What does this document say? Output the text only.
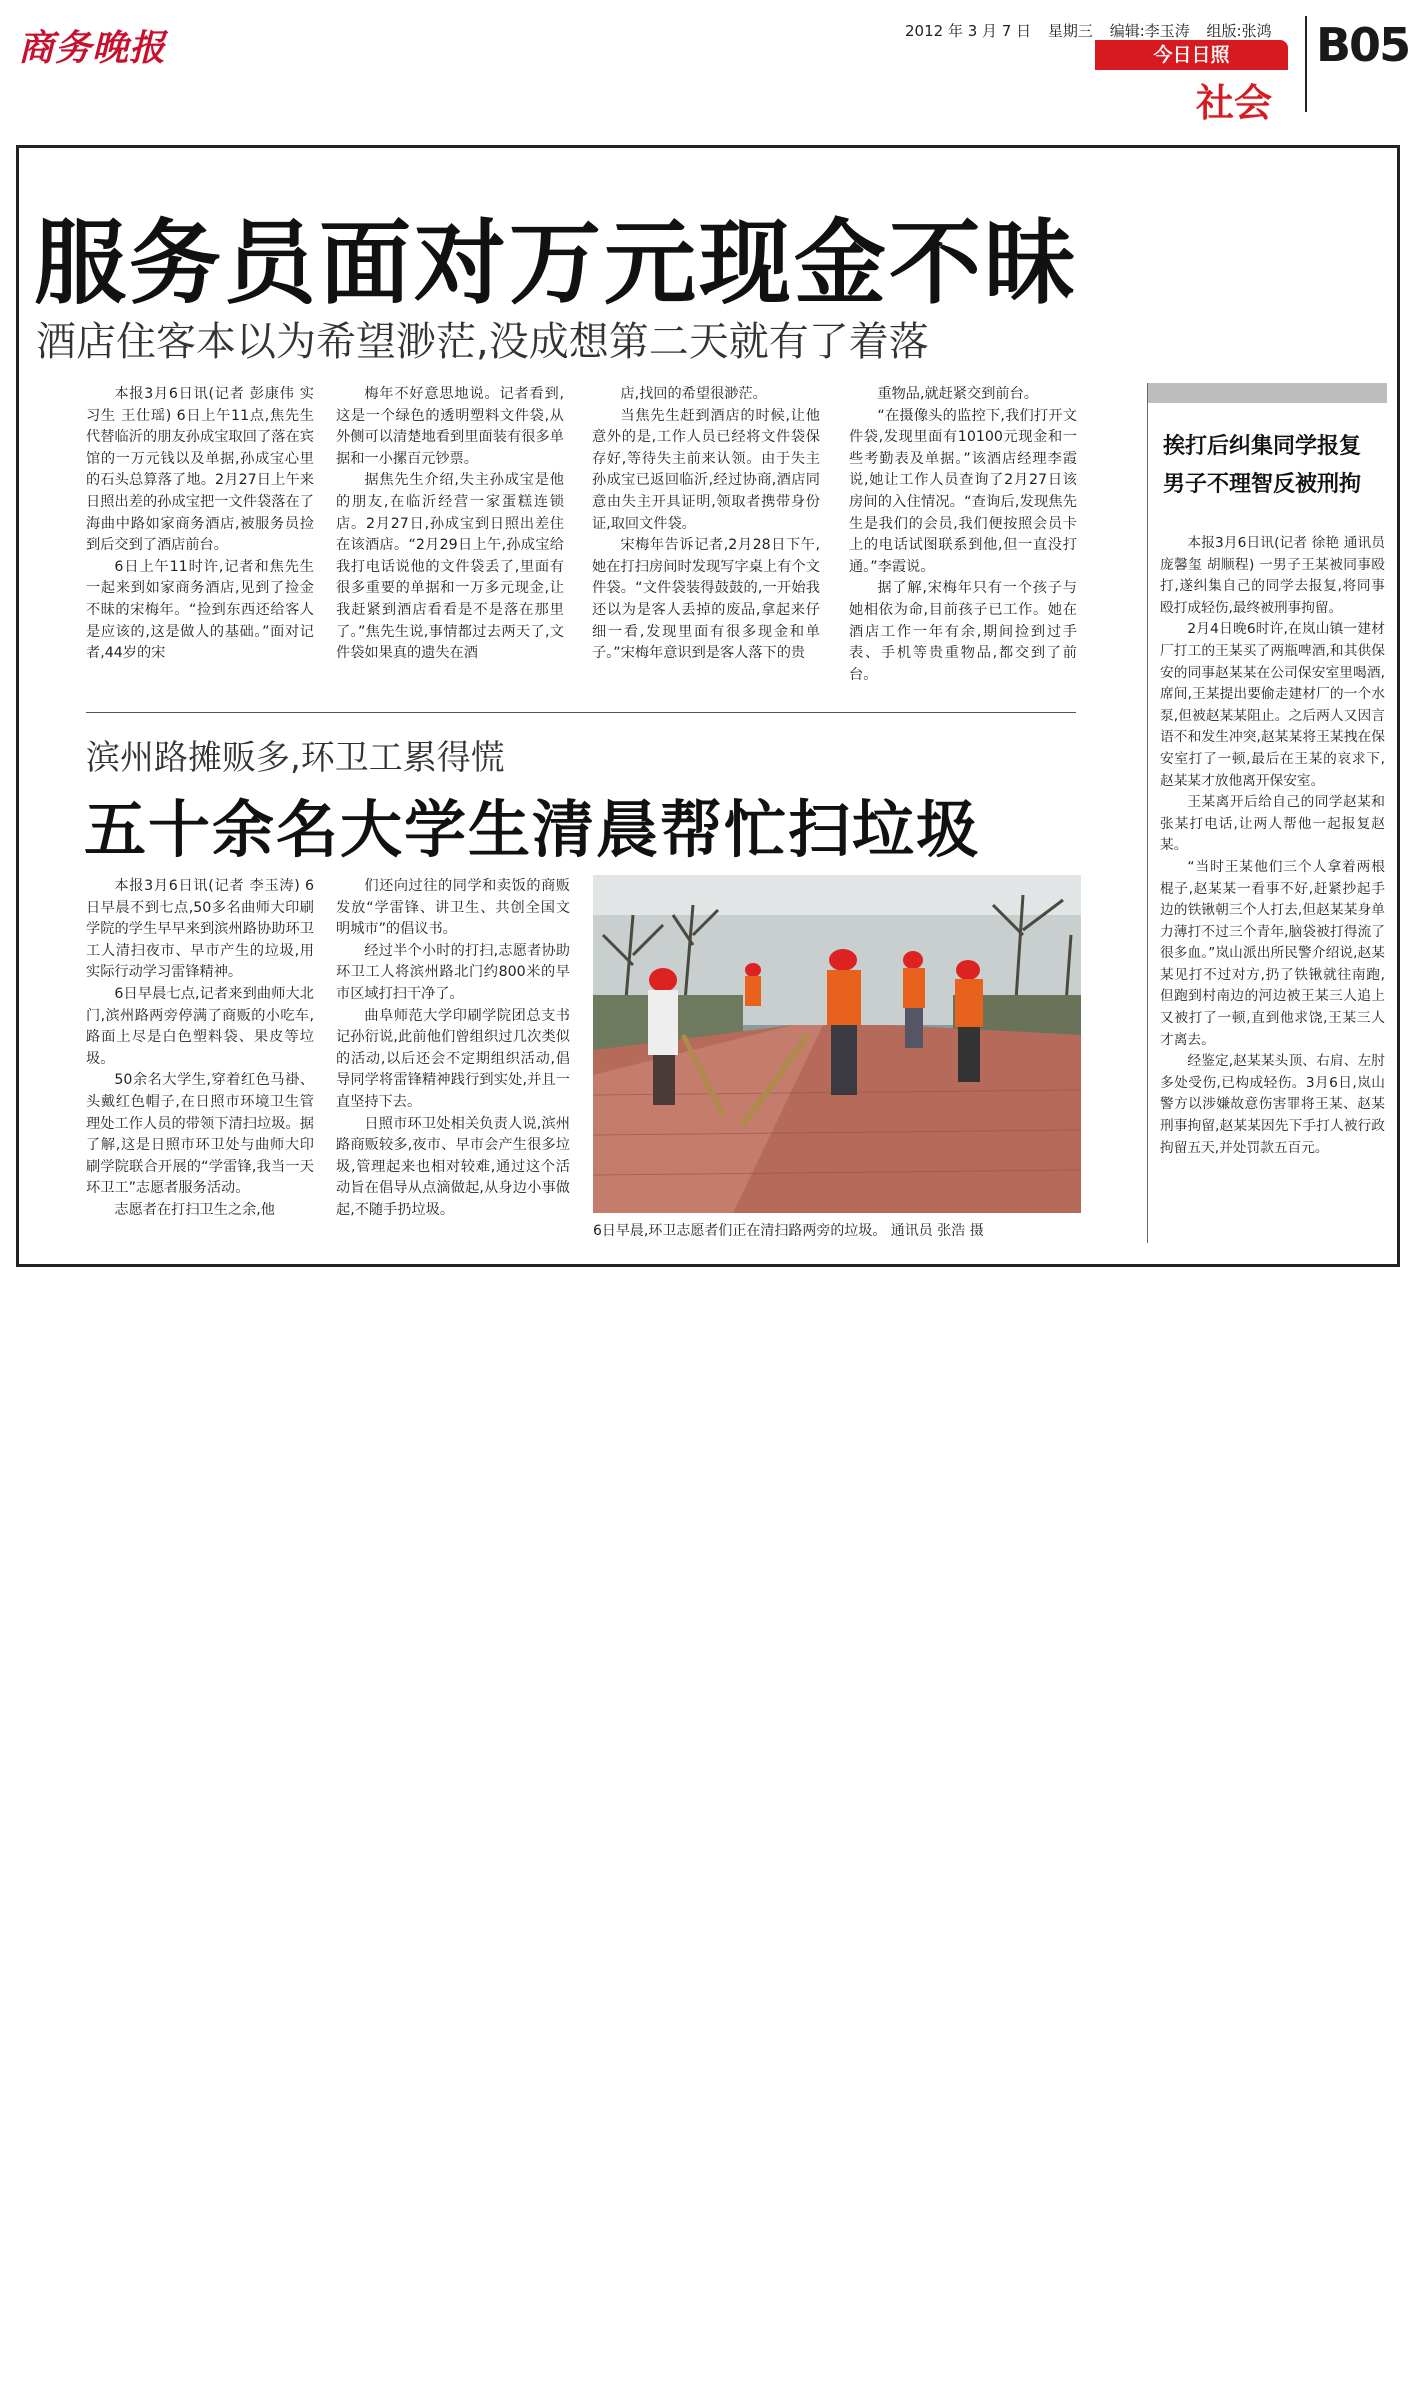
商务晚报	2012 年 3 月 7 日 星期三 编辑:李玉涛 组版:张鸿
今日日照
社会
B05
服务员面对万元现金不昧
酒店住客本以为希望渺茫,没成想第二天就有了着落

本报3月6日讯(记者 彭康伟 实习生 王仕瑶) 6日上午11点,焦先生代替临沂的朋友孙成宝取回了落在宾馆的一万元钱以及单据,孙成宝心里的石头总算落了地。2月27日上午来日照出差的孙成宝把一文件袋落在了海曲中路如家商务酒店,被服务员捡到后交到了酒店前台。

6日上午11时许,记者和焦先生一起来到如家商务酒店,见到了捡金不昧的宋梅年。“捡到东西还给客人是应该的,这是做人的基础。”面对记者,44岁的宋

梅年不好意思地说。记者看到,这是一个绿色的透明塑料文件袋,从外侧可以清楚地看到里面装有很多单据和一小摞百元钞票。

据焦先生介绍,失主孙成宝是他的朋友,在临沂经营一家蛋糕连锁店。2月27日,孙成宝到日照出差住在该酒店。“2月29日上午,孙成宝给我打电话说他的文件袋丢了,里面有很多重要的单据和一万多元现金,让我赶紧到酒店看看是不是落在那里了。”焦先生说,事情都过去两天了,文件袋如果真的遗失在酒

店,找回的希望很渺茫。

当焦先生赶到酒店的时候,让他意外的是,工作人员已经将文件袋保存好,等待失主前来认领。由于失主孙成宝已返回临沂,经过协商,酒店同意由失主开具证明,领取者携带身份证,取回文件袋。

宋梅年告诉记者,2月28日下午,她在打扫房间时发现写字桌上有个文件袋。“文件袋装得鼓鼓的,一开始我还以为是客人丢掉的废品,拿起来仔细一看,发现里面有很多现金和单子。”宋梅年意识到是客人落下的贵

重物品,就赶紧交到前台。

“在摄像头的监控下,我们打开文件袋,发现里面有10100元现金和一些考勤表及单据。”该酒店经理李霞说,她让工作人员查询了2月27日该房间的入住情况。“查询后,发现焦先生是我们的会员,我们便按照会员卡上的电话试图联系到他,但一直没打通。”李霞说。

据了解,宋梅年只有一个孩子与她相依为命,目前孩子已工作。她在酒店工作一年有余,期间捡到过手表、手机等贵重物品,都交到了前台。

滨州路摊贩多,环卫工累得慌
五十余名大学生清晨帮忙扫垃圾

本报3月6日讯(记者 李玉涛) 6日早晨不到七点,50多名曲师大印刷学院的学生早早来到滨州路协助环卫工人清扫夜市、早市产生的垃圾,用实际行动学习雷锋精神。

6日早晨七点,记者来到曲师大北门,滨州路两旁停满了商贩的小吃车,路面上尽是白色塑料袋、果皮等垃圾。

50余名大学生,穿着红色马褂、头戴红色帽子,在日照市环境卫生管理处工作人员的带领下清扫垃圾。据了解,这是日照市环卫处与曲师大印刷学院联合开展的“学雷锋,我当一天环卫工”志愿者服务活动。

志愿者在打扫卫生之余,他

们还向过往的同学和卖饭的商贩发放“学雷锋、讲卫生、共创全国文明城市”的倡议书。

经过半个小时的打扫,志愿者协助环卫工人将滨州路北门约800米的早市区域打扫干净了。

曲阜师范大学印刷学院团总支书记孙衍说,此前他们曾组织过几次类似的活动,以后还会不定期组织活动,倡导同学将雷锋精神践行到实处,并且一直坚持下去。

日照市环卫处相关负责人说,滨州路商贩较多,夜市、早市会产生很多垃圾,管理起来也相对较难,通过这个活动旨在倡导从点滴做起,从身边小事做起,不随手扔垃圾。

6日早晨,环卫志愿者们正在清扫路两旁的垃圾。 通讯员 张浩 摄
挨打后纠集同学报复
男子不理智反被刑拘

本报3月6日讯(记者 徐艳 通讯员 庞馨玺 胡顺程) 一男子王某被同事殴打,遂纠集自己的同学去报复,将同事殴打成轻伤,最终被刑事拘留。

2月4日晚6时许,在岚山镇一建材厂打工的王某买了两瓶啤酒,和其供保安的同事赵某某在公司保安室里喝酒,席间,王某提出要偷走建材厂的一个水泵,但被赵某某阻止。之后两人又因言语不和发生冲突,赵某某将王某拽在保安室打了一顿,最后在王某的哀求下,赵某某才放他离开保安室。

王某离开后给自己的同学赵某和张某打电话,让两人帮他一起报复赵某。

“当时王某他们三个人拿着两根棍子,赵某某一看事不好,赶紧抄起手边的铁锹朝三个人打去,但赵某某身单力薄打不过三个青年,脑袋被打得流了很多血。”岚山派出所民警介绍说,赵某某见打不过对方,扔了铁锹就往南跑,但跑到村南边的河边被王某三人追上又被打了一顿,直到他求饶,王某三人才离去。

经鉴定,赵某某头顶、右肩、左肘多处受伤,已构成轻伤。3月6日,岚山警方以涉嫌故意伤害罪将王某、赵某刑事拘留,赵某某因先下手打人被行政拘留五天,并处罚款五百元。
